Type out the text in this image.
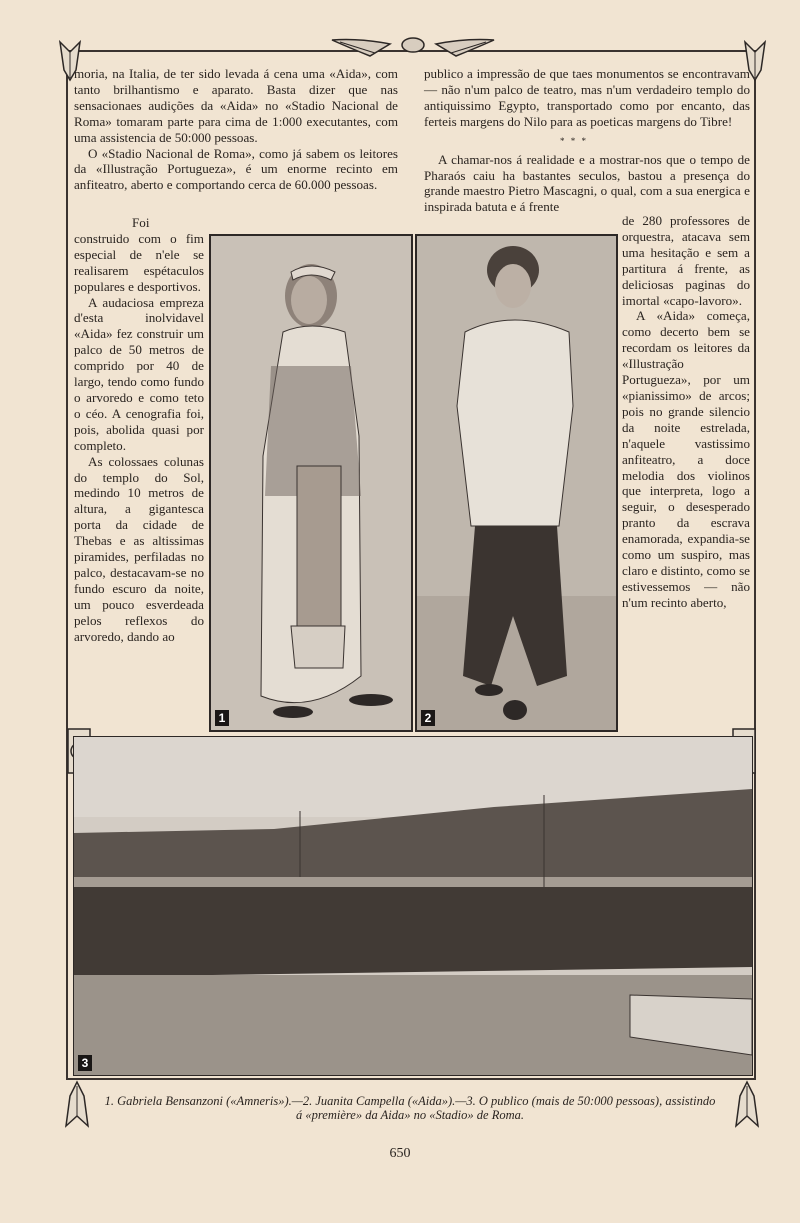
moria, na Italia, de ter sido levada á cena uma «Aida», com tanto brilhantismo e aparato. Basta dizer que nas sensacionaes audições da «Aida» no «Stadio Nacional de Roma» tomaram parte para cima de 1:000 executantes, com uma assistencia de 50:000 pessoas.

O «Stadio Nacional de Roma», como já sabem os leitores da «Illustração Portugueza», é um enorme recinto em anfiteatro, aberto e comportando cerca de 60.000 pessoas.

Foi construido com o fim especial de n'ele se realisarem espétaculos populares e desportivos.

A audaciosa empreza d'esta inolvidavel «Aida» fez construir um palco de 50 metros de comprido por 40 de largo, tendo como fundo o arvoredo e como teto o céo. A cenografia foi, pois, abolida quasi por completo.

As colossaes colunas do templo do Sol, medindo 10 metros de altura, a gigantesca porta da cidade de Thebas e as altissimas piramides, perfiladas no palco, destacavam-se no fundo escuro da noite, um pouco esverdeada pelos reflexos do arvoredo, dando ao

publico a impressão de que taes monumentos se encontravam — não n'um palco de teatro, mas n'um verdadeiro templo do antiquissimo Egypto, transportado como por encanto, das ferteis margens do Nilo para as poeticas margens do Tibre!

A chamar-nos á realidade e a mostrar-nos que o tempo de Pharaós caiu ha bastantes seculos, bastou a presença do grande maestro Pietro Mascagni, o qual, com a sua energica e inspirada batuta e á frente

* * *

de 280 professores de orquestra, atacava sem uma hesitação e sem a partitura á frente, as deliciosas paginas do imortal «capo-lavoro».

A «Aida» começa, como decerto bem se recordam os leitores da «Illustração Portugueza», por um «pianissimo» de arcos; pois no grande silencio da noite estrelada, n'aquele vastissimo anfiteatro, a doce melodia dos violinos que interpreta, logo a seguir, o desesperado pranto da escrava enamorada, expandia-se como um suspiro, mas claro e distinto, como se estivessemos — não n'um recinto aberto,

1	2
3
1. Gabriela Bensanzoni («Amneris»).—2. Juanita Campella («Aida»).—3. O publico (mais de 50:000 pessoas), assistindo á «première» da Aida» no «Stadio» de Roma.
650
